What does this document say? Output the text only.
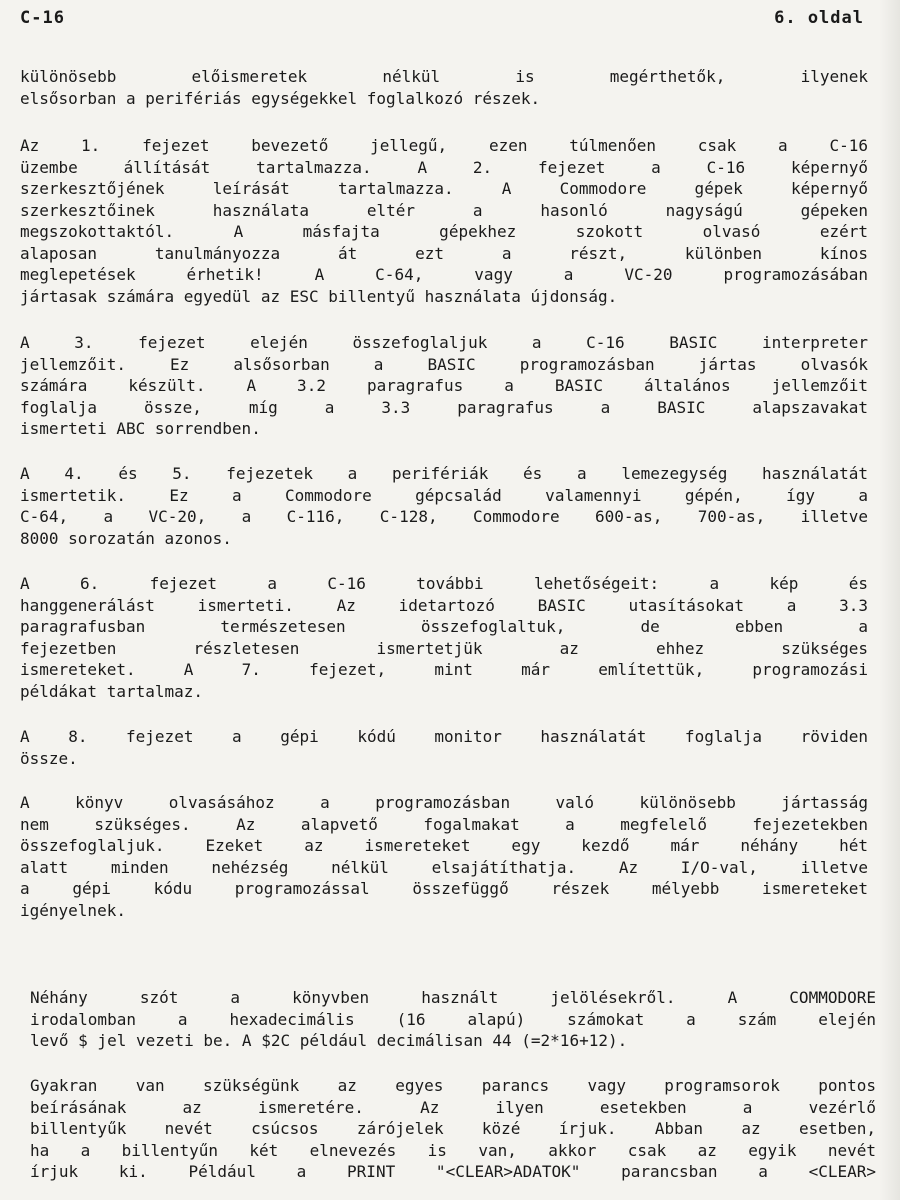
C-16	6. oldal
különösebb előismeretek nélkül is megérthetők, ilyenek
elsősorban a perifériás egységekkel foglalkozó részek.
Az 1. fejezet bevezető jellegű, ezen túlmenően csak a C-16
üzembe állítását tartalmazza. A 2. fejezet a C-16 képernyő
szerkesztőjének leírását tartalmazza. A Commodore gépek képernyő
szerkesztőinek használata eltér a hasonló nagyságú gépeken
megszokottaktól. A másfajta gépekhez szokott olvasó ezért
alaposan tanulmányozza át ezt a részt, különben kínos
meglepetések érhetik! A C-64, vagy a VC-20 programozásában
jártasak számára egyedül az ESC billentyű használata újdonság.
A 3. fejezet elején összefoglaljuk a C-16 BASIC interpreter
jellemzőit. Ez alsősorban a BASIC programozásban jártas olvasók
számára készült. A 3.2 paragrafus a BASIC általános jellemzőit
foglalja össze, míg a 3.3 paragrafus a BASIC alapszavakat
ismerteti ABC sorrendben.
A 4. és 5. fejezetek a perifériák és a lemezegység használatát
ismertetik. Ez a Commodore gépcsalád valamennyi gépén, így a
C-64, a VC-20, a C-116, C-128, Commodore 600-as, 700-as, illetve
8000 sorozatán azonos.
A 6. fejezet a C-16 további lehetőségeit: a kép és
hanggenerálást ismerteti. Az idetartozó BASIC utasításokat a 3.3
paragrafusban természetesen összefoglaltuk, de ebben a
fejezetben részletesen ismertetjük az ehhez szükséges
ismereteket. A 7. fejezet, mint már említettük, programozási
példákat tartalmaz.
A 8. fejezet a gépi kódú monitor használatát foglalja röviden
össze.
A könyv olvasásához a programozásban való különösebb jártasság
nem szükséges. Az alapvető fogalmakat a megfelelő fejezetekben
összefoglaljuk. Ezeket az ismereteket egy kezdő már néhány hét
alatt minden nehézség nélkül elsajátíthatja. Az I/O-val, illetve
a gépi kódu programozással összefüggő részek mélyebb ismereteket
igényelnek.
Néhány szót a könyvben használt jelölésekről. A COMMODORE
irodalomban a hexadecimális (16 alapú) számokat a szám elején
levő $ jel vezeti be. A $2C például decimálisan 44 (=2*16+12).
Gyakran van szükségünk az egyes parancs vagy programsorok pontos
beírásának az ismeretére. Az ilyen esetekben a vezérlő
billentyűk nevét csúcsos zárójelek közé írjuk. Abban az esetben,
ha a billentyűn két elnevezés is van, akkor csak az egyik nevét
írjuk ki. Például a PRINT "<CLEAR>ADATOK" parancsban a <CLEAR>
